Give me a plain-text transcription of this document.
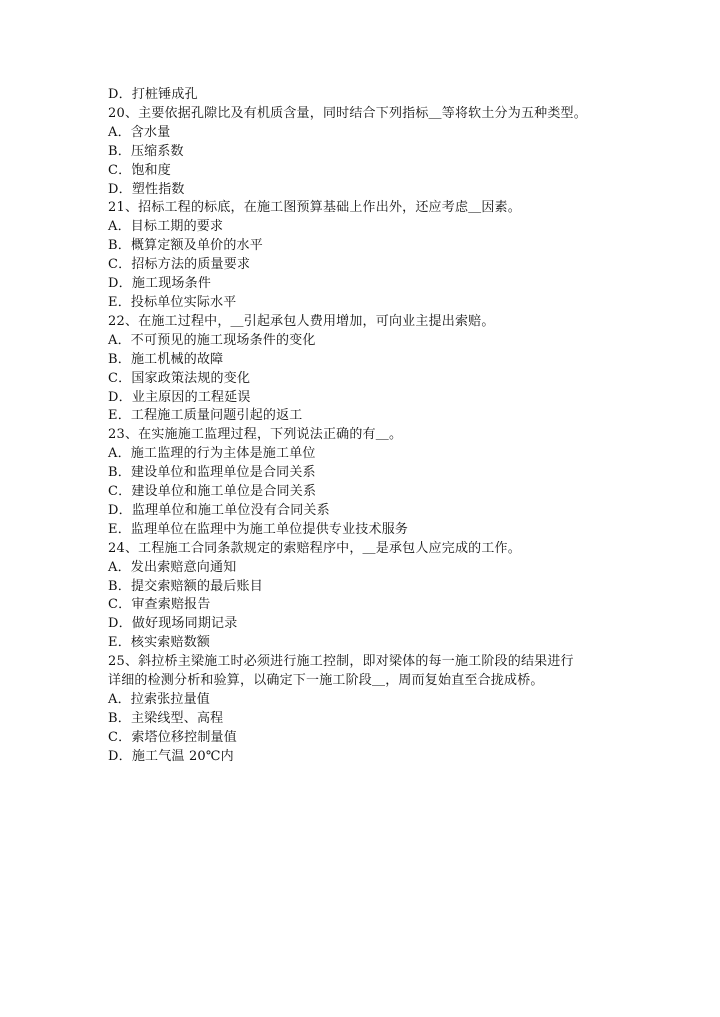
D．打桩锤成孔
20、主要依据孔隙比及有机质含量，同时结合下列指标＿等将软土分为五种类型。
A．含水量
B．压缩系数
C．饱和度
D．塑性指数
21、招标工程的标底，在施工图预算基础上作出外，还应考虑＿因素。
A．目标工期的要求
B．概算定额及单价的水平
C．招标方法的质量要求
D．施工现场条件
E．投标单位实际水平
22、在施工过程中，＿引起承包人费用增加，可向业主提出索赔。
A．不可预见的施工现场条件的变化
B．施工机械的故障
C．国家政策法规的变化
D．业主原因的工程延误
E．工程施工质量问题引起的返工
23、在实施施工监理过程，下列说法正确的有＿。
A．施工监理的行为主体是施工单位
B．建设单位和监理单位是合同关系
C．建设单位和施工单位是合同关系
D．监理单位和施工单位没有合同关系
E．监理单位在监理中为施工单位提供专业技术服务
24、工程施工合同条款规定的索赔程序中，＿是承包人应完成的工作。
A．发出索赔意向通知
B．提交索赔额的最后账目
C．审查索赔报告
D．做好现场同期记录
E．核实索赔数额
25、斜拉桥主梁施工时必须进行施工控制，即对梁体的每一施工阶段的结果进行
详细的检测分析和验算，以确定下一施工阶段＿，周而复始直至合拢成桥。
A．拉索张拉量值
B．主梁线型、高程
C．索塔位移控制量值
D．施工气温 20℃内
